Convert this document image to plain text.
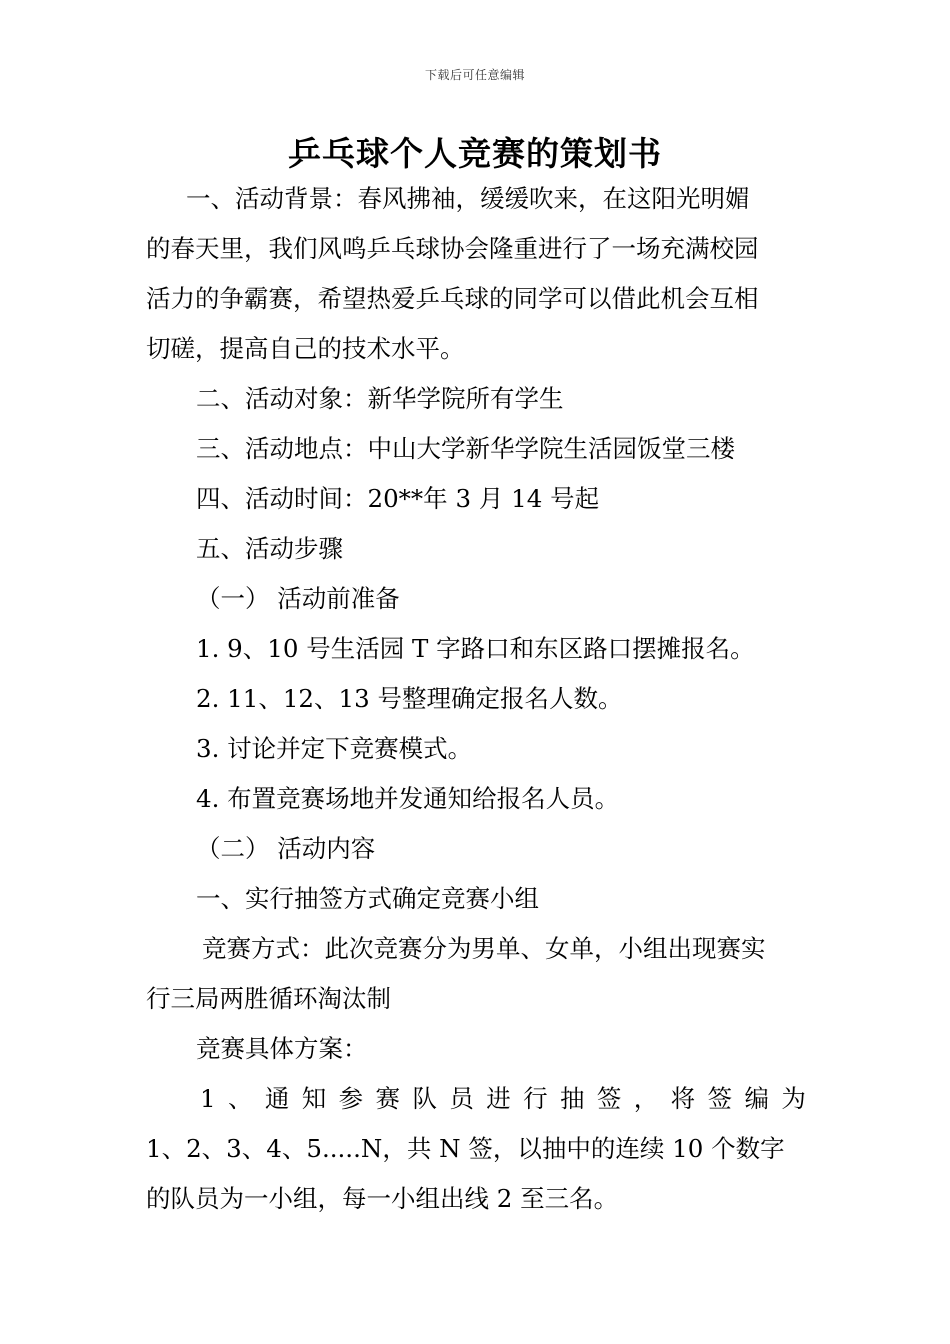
下载后可任意编辑
乒乓球个人竞赛的策划书
一、活动背景：春风拂袖，缓缓吹来，在这阳光明媚
的春天里，我们风鸣乒乓球协会隆重进行了一场充满校园
活力的争霸赛，希望热爱乒乓球的同学可以借此机会互相
切磋，提高自己的技术水平。
二、活动对象：新华学院所有学生
三、活动地点：中山大学新华学院生活园饭堂三楼
四、活动时间：20**年 3 月 14 号起
五、活动步骤
（一） 活动前准备
1. 9、10 号生活园 T 字路口和东区路口摆摊报名。
2. 11、12、13 号整理确定报名人数。
3. 讨论并定下竞赛模式。
4. 布置竞赛场地并发通知给报名人员。
（二） 活动内容
一、实行抽签方式确定竞赛小组
竞赛方式：此次竞赛分为男单、女单，小组出现赛实
行三局两胜循环淘汰制
竞赛具体方案：
1 、 通 知 参 赛 队 员 进 行 抽 签 ， 将 签 编 为
1、2、3、4、5.....N，共 N 签，以抽中的连续 10 个数字
的队员为一小组，每一小组出线 2 至三名。
